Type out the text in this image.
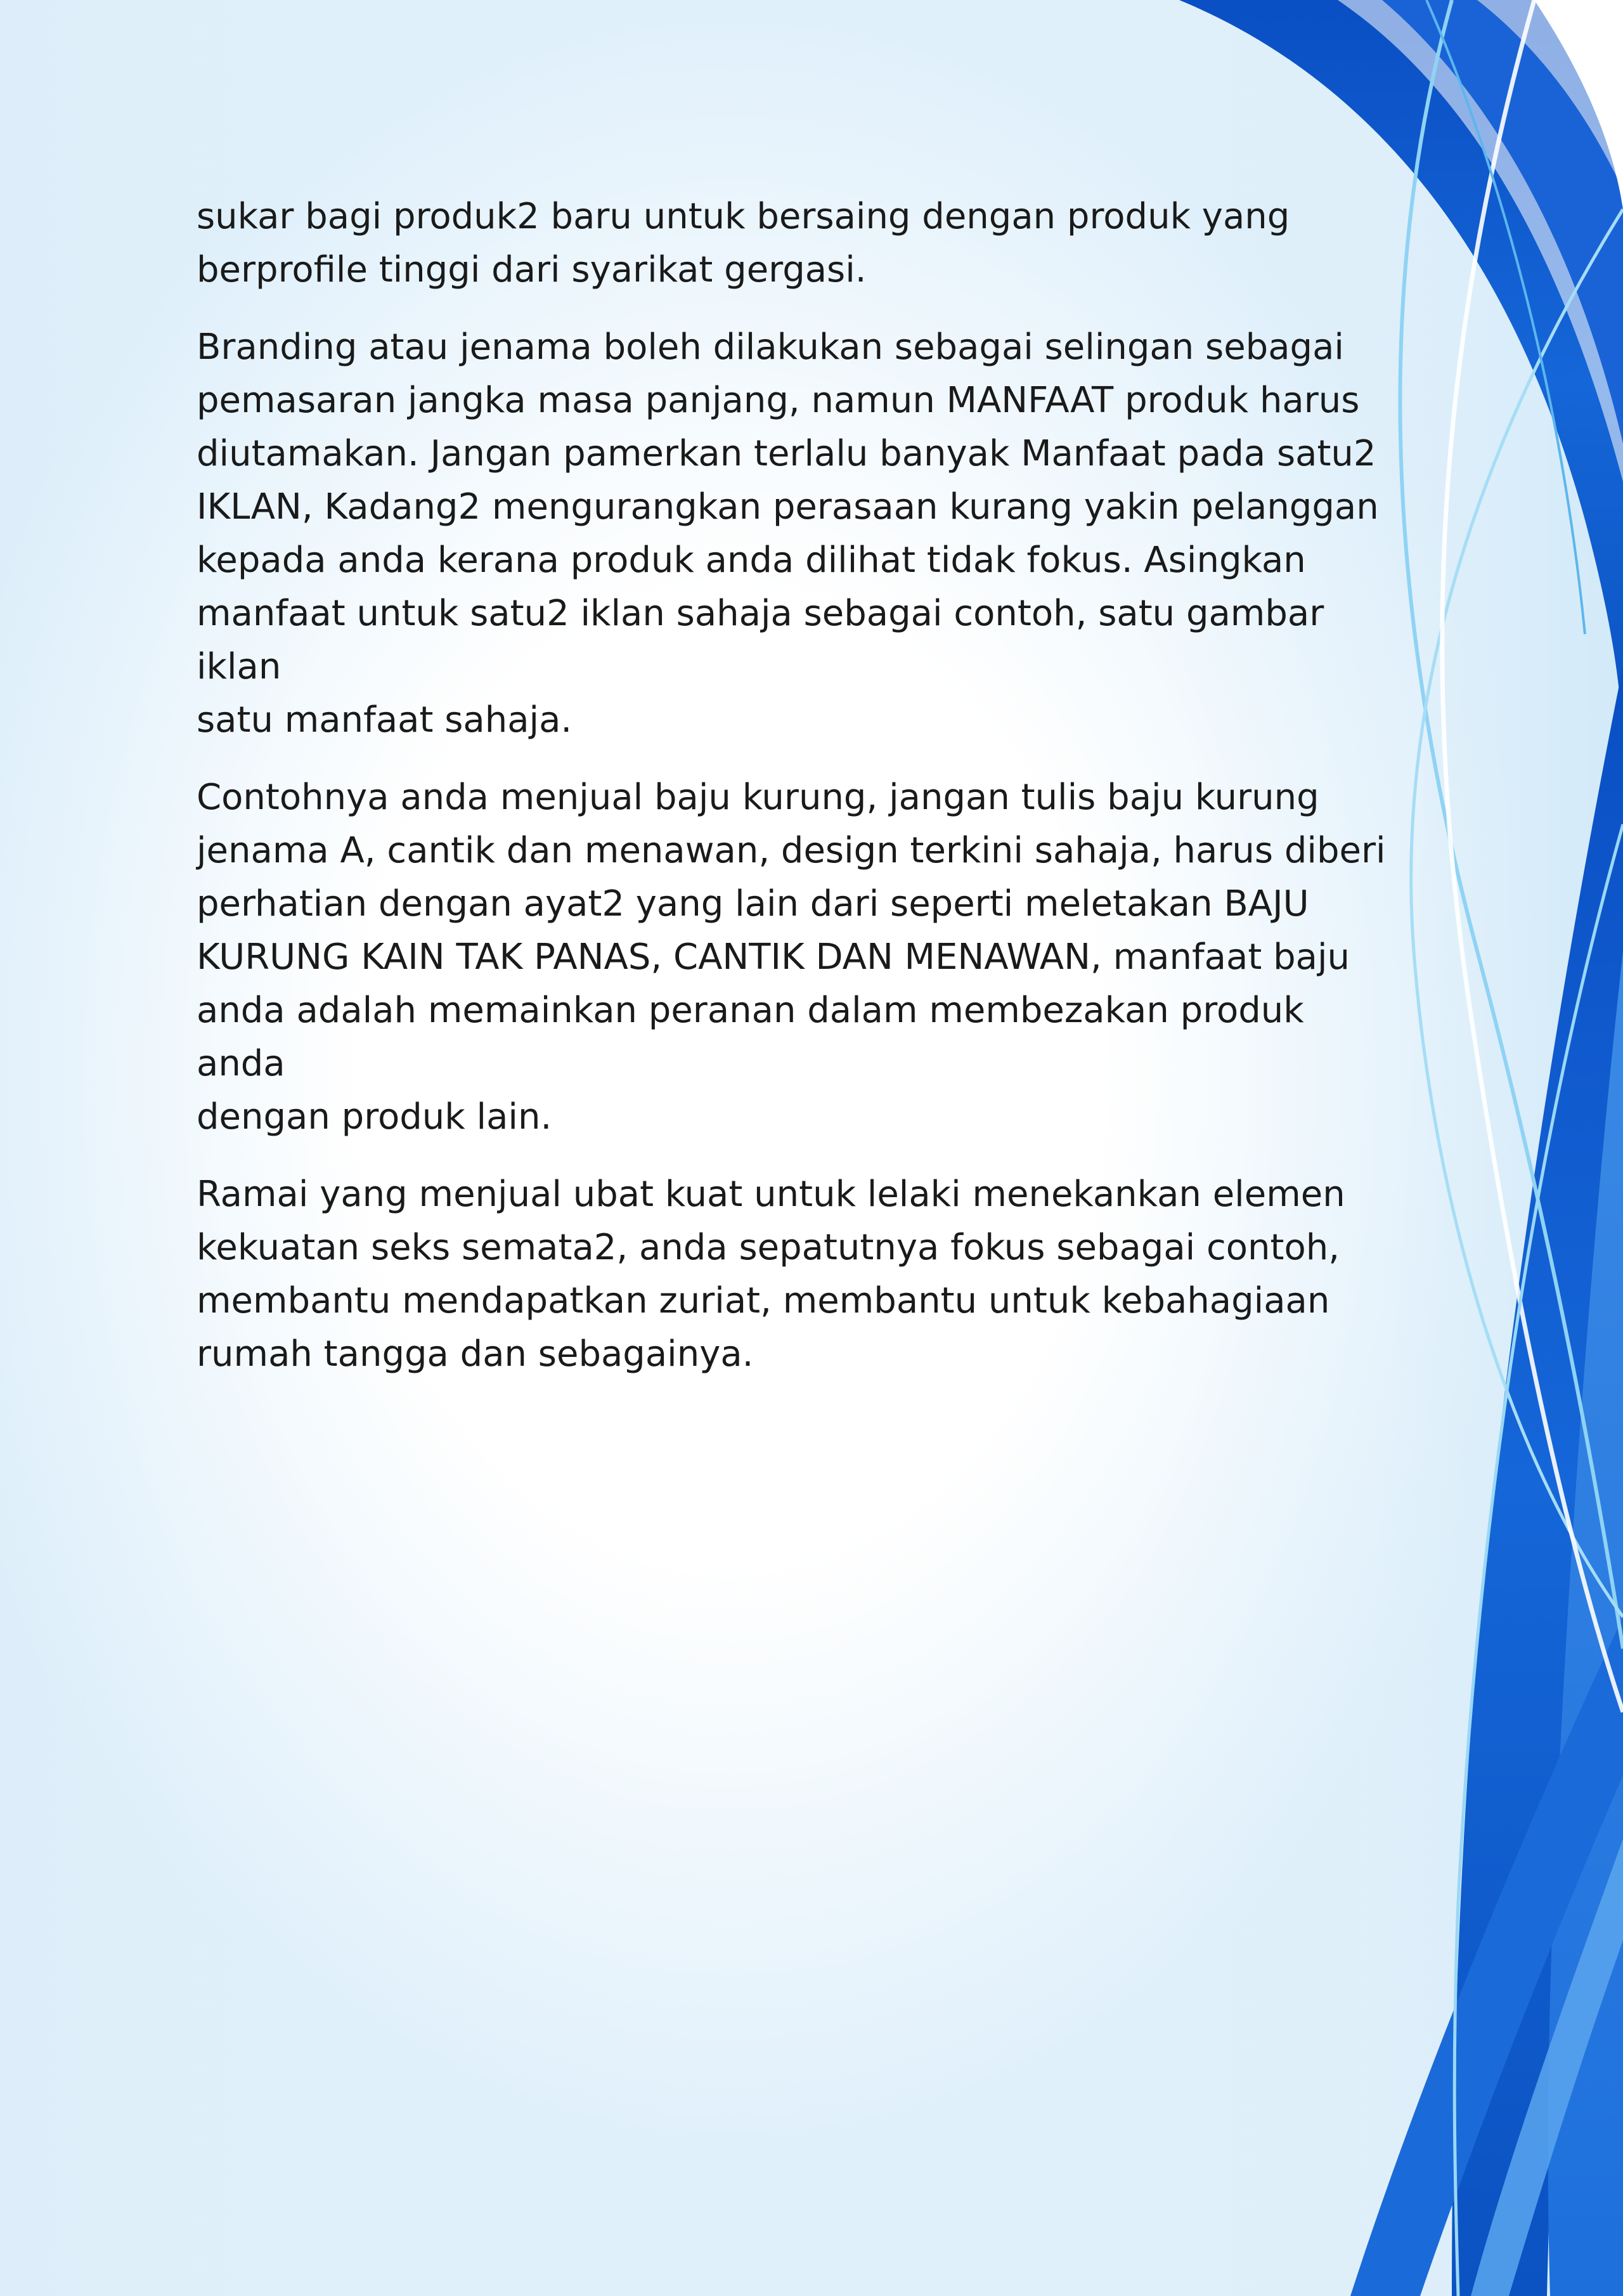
sukar bagi produk2 baru untuk bersaing dengan produk yang
berprofile tinggi dari syarikat gergasi.

Branding atau jenama boleh dilakukan sebagai selingan sebagai
pemasaran jangka masa panjang, namun MANFAAT produk harus
diutamakan. Jangan pamerkan terlalu banyak Manfaat pada satu2
IKLAN, Kadang2 mengurangkan perasaan kurang yakin pelanggan
kepada anda kerana produk anda dilihat tidak fokus. Asingkan
manfaat untuk satu2 iklan sahaja sebagai contoh, satu gambar iklan
satu manfaat sahaja.

Contohnya anda menjual baju kurung, jangan tulis baju kurung
jenama A, cantik dan menawan, design terkini sahaja, harus diberi
perhatian dengan ayat2 yang lain dari seperti meletakan BAJU
KURUNG KAIN TAK PANAS, CANTIK DAN MENAWAN, manfaat baju
anda adalah memainkan peranan dalam membezakan produk anda
dengan produk lain.

Ramai yang menjual ubat kuat untuk lelaki menekankan elemen
kekuatan seks semata2, anda sepatutnya fokus sebagai contoh,
membantu mendapatkan zuriat, membantu untuk kebahagiaan
rumah tangga dan sebagainya.
